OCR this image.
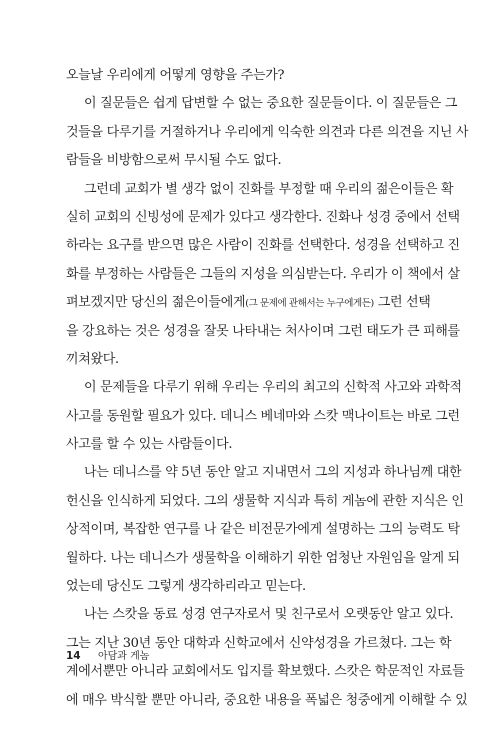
오늘날 우리에게 어떻게 영향을 주는가?
이 질문들은 쉽게 답변할 수 없는 중요한 질문들이다. 이 질문들은 그
것들을 다루기를 거절하거나 우리에게 익숙한 의견과 다른 의견을 지닌 사
람들을 비방함으로써 무시될 수도 없다.
그런데 교회가 별 생각 없이 진화를 부정할 때 우리의 젊은이들은 확
실히 교회의 신빙성에 문제가 있다고 생각한다. 진화나 성경 중에서 선택
하라는 요구를 받으면 많은 사람이 진화를 선택한다. 성경을 선택하고 진
화를 부정하는 사람들은 그들의 지성을 의심받는다. 우리가 이 책에서 살
펴보겠지만 당신의 젊은이들에게(그 문제에 관해서는 누구에게든) 그런 선택
을 강요하는 것은 성경을 잘못 나타내는 처사이며 그런 태도가 큰 피해를
끼쳐왔다.
이 문제들을 다루기 위해 우리는 우리의 최고의 신학적 사고와 과학적
사고를 동원할 필요가 있다. 데니스 베네마와 스캇 맥나이트는 바로 그런
사고를 할 수 있는 사람들이다.
나는 데니스를 약 5년 동안 알고 지내면서 그의 지성과 하나님께 대한
헌신을 인식하게 되었다. 그의 생물학 지식과 특히 게놈에 관한 지식은 인
상적이며, 복잡한 연구를 나 같은 비전문가에게 설명하는 그의 능력도 탁
월하다. 나는 데니스가 생물학을 이해하기 위한 엄청난 자원임을 알게 되
었는데 당신도 그렇게 생각하리라고 믿는다.
나는 스캇을 동료 성경 연구자로서 및 친구로서 오랫동안 알고 있다.
그는 지난 30년 동안 대학과 신학교에서 신약성경을 가르쳤다. 그는 학
계에서뿐만 아니라 교회에서도 입지를 확보했다. 스캇은 학문적인 자료들
에 매우 박식할 뿐만 아니라, 중요한 내용을 폭넓은 청중에게 이해할 수 있
14 아담과 게놈
